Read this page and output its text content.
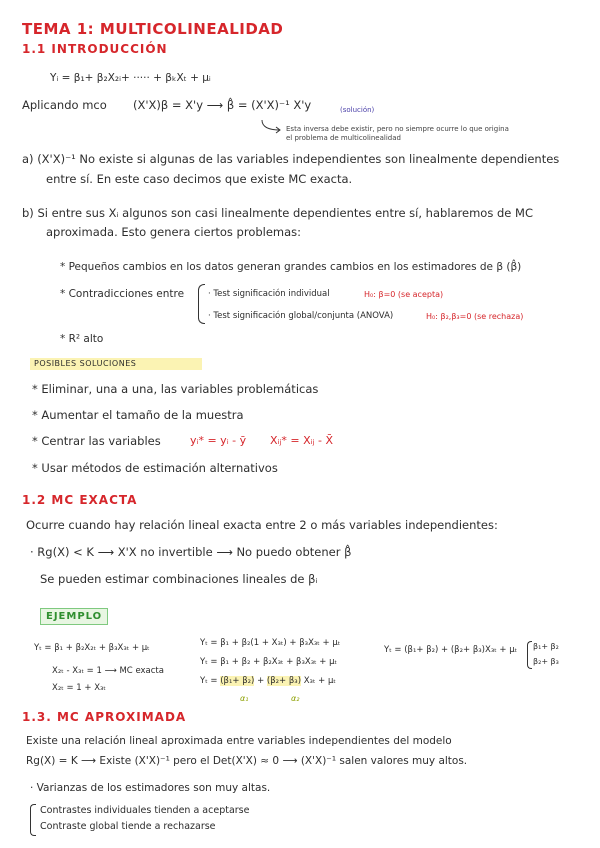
TEMA 1: MULTICOLINEALIDAD
1.1 INTRODUCCIÓN
Yᵢ = β₁+ β₂X₂ᵢ+ ····· + βₖXₜ + μᵢ
Aplicando mco (X'X)β = X'y ⟶ β̂ = (X'X)⁻¹ X'y	(solución)
Esta inversa debe existir, pero no siempre ocurre lo que origina
el problema de multicolinealidad
a) (X'X)⁻¹ No existe si algunas de las variables independientes son linealmente dependientes
entre sí. En este caso decimos que existe MC exacta.
b) Si entre sus Xᵢ algunos son casi linealmente dependientes entre sí, hablaremos de MC
aproximada. Esto genera ciertos problemas:
* Pequeños cambios en los datos generan grandes cambios en los estimadores de β (β̂)
* Contradicciones entre	· Test significación individual	H₀: β=0 (se acepta)
· Test significación global/conjunta (ANOVA)	H₀: β₂,β₃=0 (se rechaza)
* R² alto
POSIBLES SOLUCIONES
* Eliminar, una a una, las variables problemáticas
* Aumentar el tamaño de la muestra
* Centrar las variables	yᵢ* = yᵢ - ȳ Xᵢⱼ* = Xᵢⱼ - X̄
* Usar métodos de estimación alternativos
1.2 MC EXACTA
Ocurre cuando hay relación lineal exacta entre 2 o más variables independientes:
· Rg(X) < K ⟶ X'X no invertible ⟶ No puedo obtener β̂
Se pueden estimar combinaciones lineales de βᵢ
EJEMPLO
Yₜ = β₁ + β₂X₂ₜ + β₃X₃ₜ + μₜ
X₂ₜ - X₃ₜ = 1 ⟶ MC exacta
X₂ₜ = 1 + X₃ₜ
Yₜ = β₁ + β₂(1 + X₃ₜ) + β₃X₃ₜ + μₜ
Yₜ = β₁ + β₂ + β₂X₃ₜ + β₃X₃ₜ + μₜ
Yₜ = (β₁+ β₂) + (β₂+ β₃) X₃ₜ + μₜ
α₁	α₂
Yₜ = (β₁+ β₂) + (β₂+ β₃)X₃ₜ + μₜ β₁+ β₂
β₂+ β₃
1.3. MC APROXIMADA
Existe una relación lineal aproximada entre variables independientes del modelo
Rg(X) = K ⟶ Existe (X'X)⁻¹ pero el Det(X'X) ≈ 0 ⟶ (X'X)⁻¹ salen valores muy altos.
· Varianzas de los estimadores son muy altas.
Contrastes individuales tienden a aceptarse
Contraste global tiende a rechazarse
